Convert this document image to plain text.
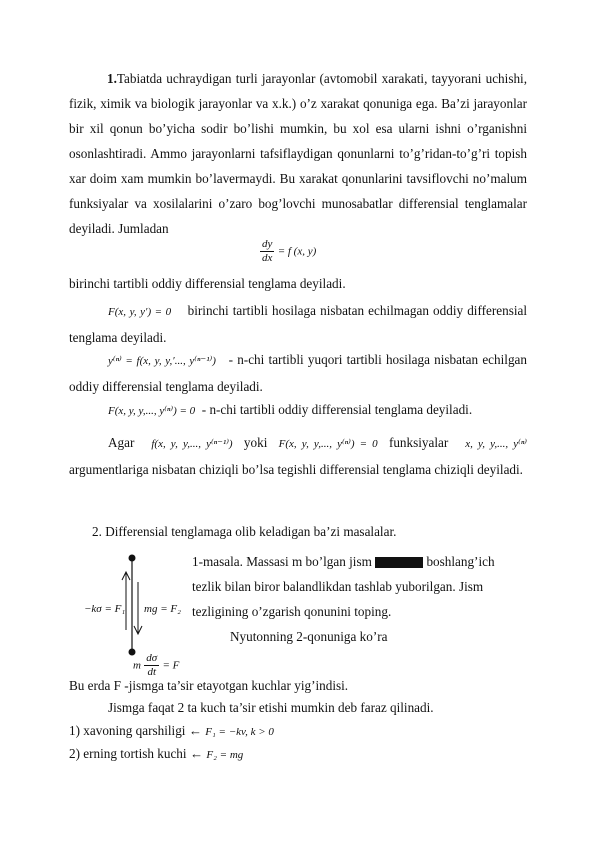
1.Tabiatda uchraydigan turli jarayonlar (avtomobil xarakati, tayyorani uchishi, fizik, ximik va biologik jarayonlar va x.k.) o’z xarakat qonuniga ega. Ba’zi jarayonlar bir xil qonun bo’yicha sodir bo’lishi mumkin, bu xol esa ularni ishni o’rganishni osonlashtiradi. Ammo jarayonlarni tafsiflaydigan qonunlarni to’g’ridan-to’g’ri topish xar doim xam mumkin bo’lavermaydi. Bu xarakat qonunlarini tavsiflovchi no’malum funksiyalar va xosilalarini o’zaro bog’lovchi munosabatlar differensial tenglamalar deyiladi. Jumladan

$\frac{dy}{dx} = f$ (x, y)
birinchi tartibli oddiy differensial tenglama deyiladi.

F(x, y, y′) = 0 birinchi tartibli hosilaga nisbatan echilmagan oddiy differensial tenglama deyiladi.

y⁽ⁿ⁾ = f(x, y, y,′..., y⁽ⁿ⁻¹⁾) - n-chi tartibli yuqori tartibli hosilaga nisbatan echilgan oddiy differensial tenglama deyiladi.

F(x, y, y,..., y⁽ⁿ⁾) = 0 - n-chi tartibli oddiy differensial tenglama deyiladi.

Agar f(x, y, y,..., y⁽ⁿ⁻¹⁾) yoki F(x, y, y,..., y⁽ⁿ⁾) = 0 funksiyalar x, y, y,..., y⁽ⁿ⁾ argumentlariga nisbatan chiziqli bo’lsa tegishli differensial tenglama chiziqli deyiladi.

2. Differensial tenglamaga olib keladigan ba’zi masalalar.
−kσ = F₁ mg = F₂
1-masala. Massasi m bo’lgan jism	boshlang’ich
tezlik bilan biror balandlikdan tashlab yuborilgan. Jism
tezligining o’zgarish qonunini toping.
Nyutonning 2-qonuniga ko’ra
m $\frac{d\sigma}{dt} = F$
Bu erda F -jismga ta’sir etayotgan kuchlar yig’indisi.
Jismga faqat 2 ta kuch ta’sir etishi mumkin deb faraz qilinadi.
1) xavoning qarshiligi ← F₁ = −kv, k > 0
2) erning tortish kuchi ← F₂ = mg
